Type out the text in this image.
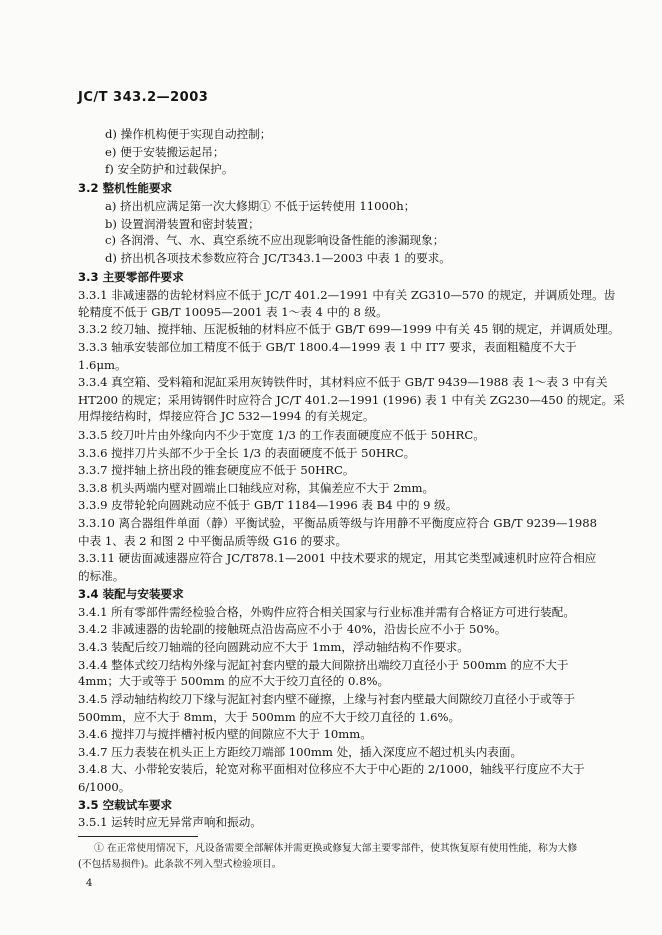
JC/T 343.2—2003
d) 操作机构便于实现自动控制；
e) 便于安装搬运起吊；
f) 安全防护和过载保护。
3.2 整机性能要求
a) 挤出机应满足第一次大修期① 不低于运转使用 11000h；
b) 设置润滑装置和密封装置；
c) 各润滑、气、水、真空系统不应出现影响设备性能的渗漏现象；
d) 挤出机各项技术参数应符合 JC/T343.1—2003 中表 1 的要求。
3.3 主要零部件要求
3.3.1 非减速器的齿轮材料应不低于 JC/T 401.2—1991 中有关 ZG310—570 的规定，并调质处理。齿
轮精度不低于 GB/T 10095—2001 表 1～表 4 中的 8 级。
3.3.2 绞刀轴、搅拌轴、压泥板轴的材料应不低于 GB/T 699—1999 中有关 45 钢的规定，并调质处理。
3.3.3 轴承安装部位加工精度不低于 GB/T 1800.4—1999 表 1 中 IT7 要求，表面粗糙度不大于
1.6μm。
3.3.4 真空箱、受料箱和泥缸采用灰铸铁件时，其材料应不低于 GB/T 9439—1988 表 1～表 3 中有关
HT200 的规定；采用铸钢件时应符合 JC/T 401.2—1991 (1996) 表 1 中有关 ZG230—450 的规定。采
用焊接结构时，焊接应符合 JC 532—1994 的有关规定。
3.3.5 绞刀叶片由外缘向内不少于宽度 1/3 的工作表面硬度应不低于 50HRC。
3.3.6 搅拌刀片头部不少于全长 1/3 的表面硬度不低于 50HRC。
3.3.7 搅拌轴上挤出段的锥套硬度应不低于 50HRC。
3.3.8 机头两端内壁对圆端止口轴线应对称，其偏差应不大于 2mm。
3.3.9 皮带轮轮向圆跳动应不低于 GB/T 1184—1996 表 B4 中的 9 级。
3.3.10 离合器组件单面（静）平衡试验，平衡品质等级与许用静不平衡度应符合 GB/T 9239—1988
中表 1、表 2 和图 2 中平衡品质等级 G16 的要求。
3.3.11 硬齿面减速器应符合 JC/T878.1—2001 中技术要求的规定，用其它类型减速机时应符合相应
的标准。
3.4 装配与安装要求
3.4.1 所有零部件需经检验合格，外购件应符合相关国家与行业标准并需有合格证方可进行装配。
3.4.2 非减速器的齿轮副的接触斑点沿齿高应不小于 40%，沿齿长应不小于 50%。
3.4.3 装配后绞刀轴端的径向圆跳动应不大于 1mm，浮动轴结构不作要求。
3.4.4 整体式绞刀结构外缘与泥缸衬套内壁的最大间隙挤出端绞刀直径小于 500mm 的应不大于
4mm；大于或等于 500mm 的应不大于绞刀直径的 0.8%。
3.4.5 浮动轴结构绞刀下缘与泥缸衬套内壁不碰擦，上缘与衬套内壁最大间隙绞刀直径小于或等于
500mm，应不大于 8mm，大于 500mm 的应不大于绞刀直径的 1.6%。
3.4.6 搅拌刀与搅拌槽衬板内壁的间隙应不大于 10mm。
3.4.7 压力表装在机头正上方距绞刀端部 100mm 处，插入深度应不超过机头内表面。
3.4.8 大、小带轮安装后，轮宽对称平面相对位移应不大于中心距的 2/1000，轴线平行度应不大于
6/1000。
3.5 空载试车要求
3.5.1 运转时应无异常声响和振动。
① 在正常使用情况下，凡设备需要全部解体并需更换或修复大部主要零部件，使其恢复原有使用性能，称为大修
(不包括易损件)。此条款不列入型式检验项目。
4
